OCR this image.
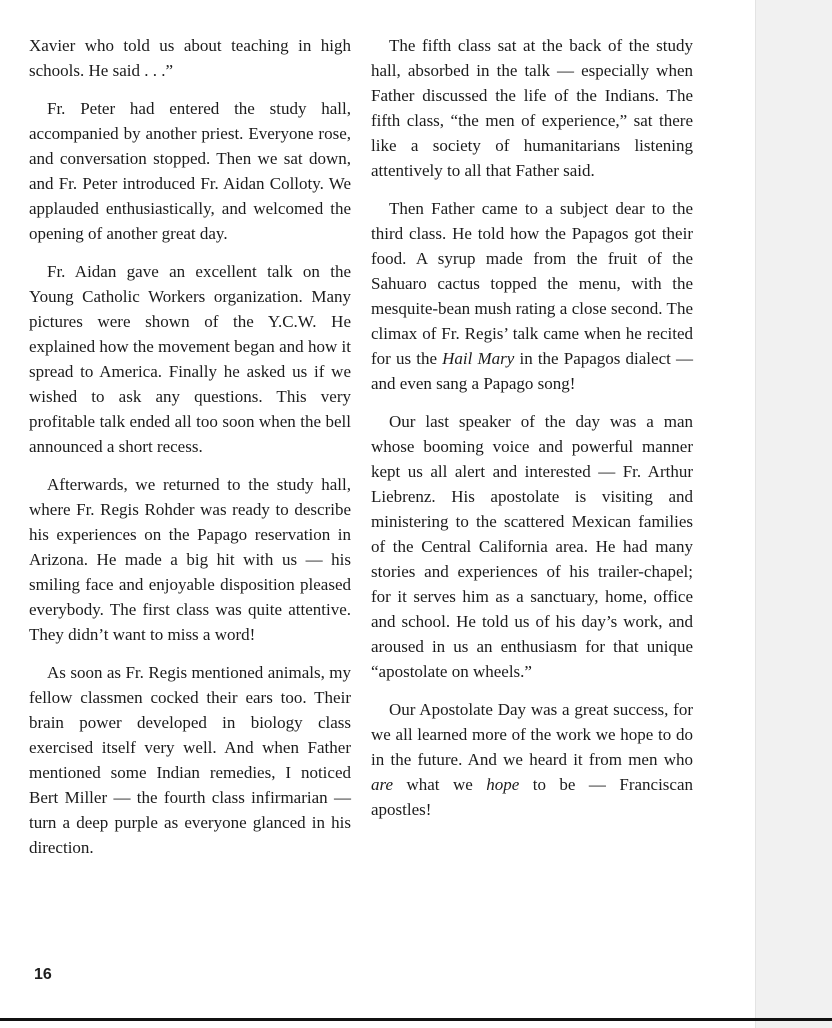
Xavier who told us about teaching in high schools. He said . . .”

Fr. Peter had entered the study hall, accompanied by another priest. Everyone rose, and conversation stopped. Then we sat down, and Fr. Peter introduced Fr. Aidan Colloty. We applauded enthusiastically, and welcomed the opening of another great day.

Fr. Aidan gave an excellent talk on the Young Catholic Workers organization. Many pictures were shown of the Y.C.W. He explained how the movement began and how it spread to America. Finally he asked us if we wished to ask any questions. This very profitable talk ended all too soon when the bell announced a short recess.

Afterwards, we returned to the study hall, where Fr. Regis Rohder was ready to describe his experiences on the Papago reservation in Arizona. He made a big hit with us — his smiling face and enjoyable disposition pleased everybody. The first class was quite attentive. They didn’t want to miss a word!

As soon as Fr. Regis mentioned animals, my fellow classmen cocked their ears too. Their brain power developed in biology class exercised itself very well. And when Father mentioned some Indian remedies, I noticed Bert Miller — the fourth class infirmarian — turn a deep purple as everyone glanced in his direction.

The fifth class sat at the back of the study hall, absorbed in the talk — especially when Father discussed the life of the Indians. The fifth class, “the men of experience,” sat there like a society of humanitarians listening attentively to all that Father said.

Then Father came to a subject dear to the third class. He told how the Papagos got their food. A syrup made from the fruit of the Sahuaro cactus topped the menu, with the mesquite-bean mush rating a close second. The climax of Fr. Regis’ talk came when he recited for us the Hail Mary in the Papagos dialect — and even sang a Papago song!

Our last speaker of the day was a man whose booming voice and powerful manner kept us all alert and interested — Fr. Arthur Liebrenz. His apostolate is visiting and ministering to the scattered Mexican families of the Central California area. He had many stories and experiences of his trailer-chapel; for it serves him as a sanctuary, home, office and school. He told us of his day’s work, and aroused in us an enthusiasm for that unique “apostolate on wheels.”

Our Apostolate Day was a great success, for we all learned more of the work we hope to do in the future. And we heard it from men who are what we hope to be — Franciscan apostles!

16
